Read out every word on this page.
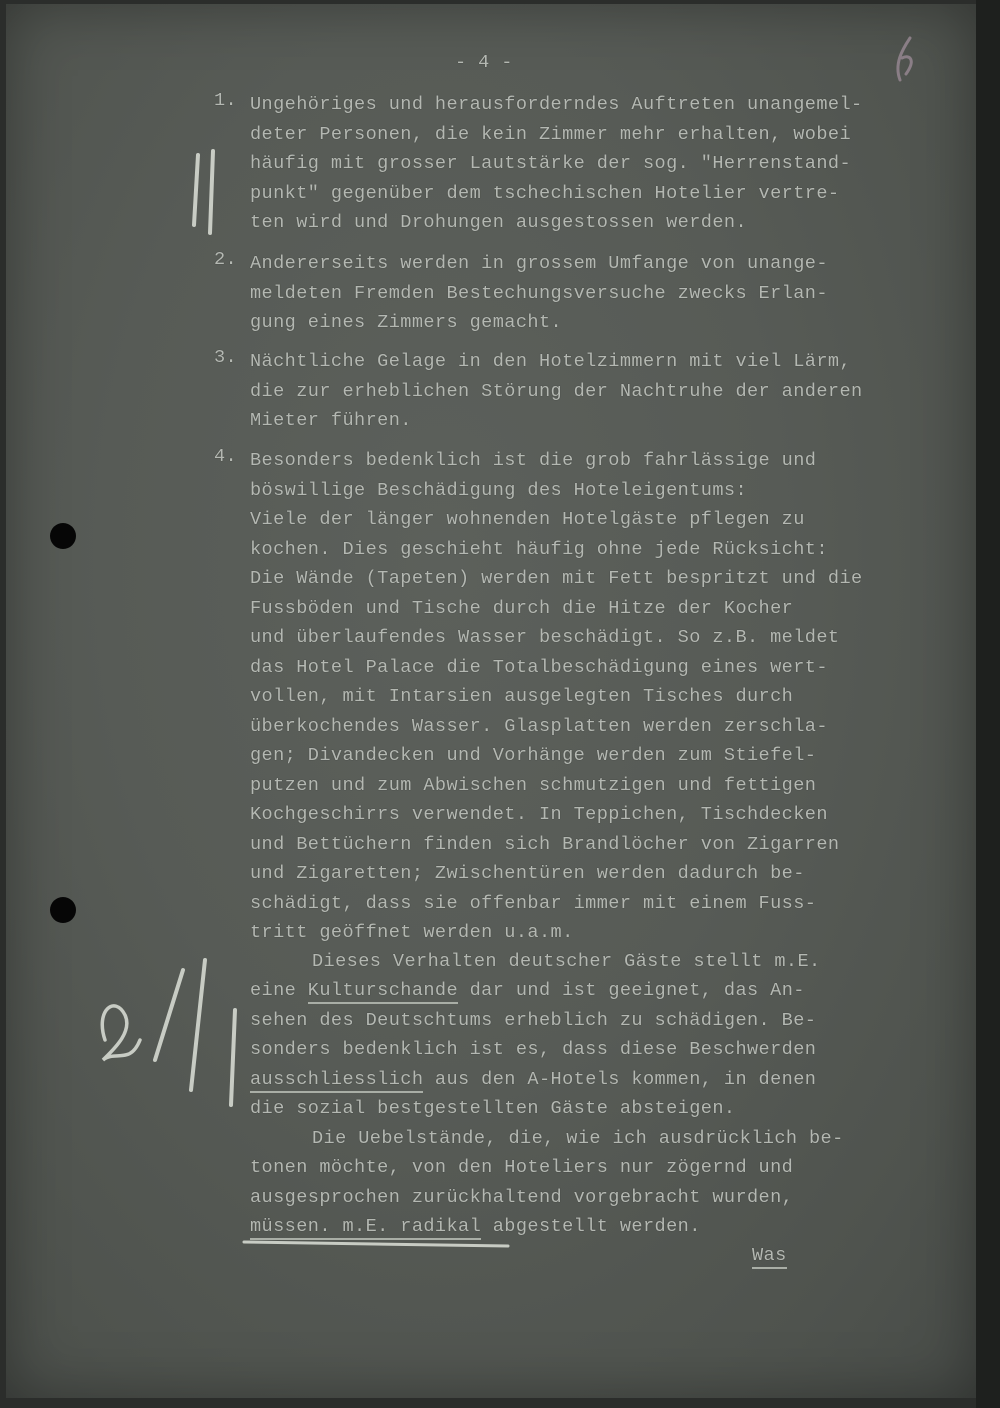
- 4 -

1.

Ungehöriges und herausforderndes Auftreten unangemel-

deter Personen, die kein Zimmer mehr erhalten, wobei

häufig mit grosser Lautstärke der sog. "Herrenstand-

punkt" gegenüber dem tschechischen Hotelier vertre-

ten wird und Drohungen ausgestossen werden.

2.

Andererseits werden in grossem Umfange von unange-

meldeten Fremden Bestechungsversuche zwecks Erlan-

gung eines Zimmers gemacht.

3.

Nächtliche Gelage in den Hotelzimmern mit viel Lärm,

die zur erheblichen Störung der Nachtruhe der anderen

Mieter führen.

4.

Besonders bedenklich ist die grob fahrlässige und

böswillige Beschädigung des Hoteleigentums:

Viele der länger wohnenden Hotelgäste pflegen zu

kochen. Dies geschieht häufig ohne jede Rücksicht:

Die Wände (Tapeten) werden mit Fett bespritzt und die

Fussböden und Tische durch die Hitze der Kocher

und überlaufendes Wasser beschädigt. So z.B. meldet

das Hotel Palace die Totalbeschädigung eines wert-

vollen, mit Intarsien ausgelegten Tisches durch

überkochendes Wasser. Glasplatten werden zerschla-

gen; Divandecken und Vorhänge werden zum Stiefel-

putzen und zum Abwischen schmutzigen und fettigen

Kochgeschirrs verwendet. In Teppichen, Tischdecken

und Bettüchern finden sich Brandlöcher von Zigarren

und Zigaretten; Zwischentüren werden dadurch be-

schädigt, dass sie offenbar immer mit einem Fuss-

tritt geöffnet werden u.a.m.

Dieses Verhalten deutscher Gäste stellt m.E.
eine Kulturschande dar und ist geeignet, das An-
sehen des Deutschtums erheblich zu schädigen. Be-
sonders bedenklich ist es, dass diese Beschwerden
ausschliesslich aus den A-Hotels kommen, in denen
die sozial bestgestellten Gäste absteigen.
Die Uebelstände, die, wie ich ausdrücklich be-
tonen möchte, von den Hoteliers nur zögernd und
ausgesprochen zurückhaltend vorgebracht wurden,
müssen. m.E. radikal abgestellt werden.
Was
